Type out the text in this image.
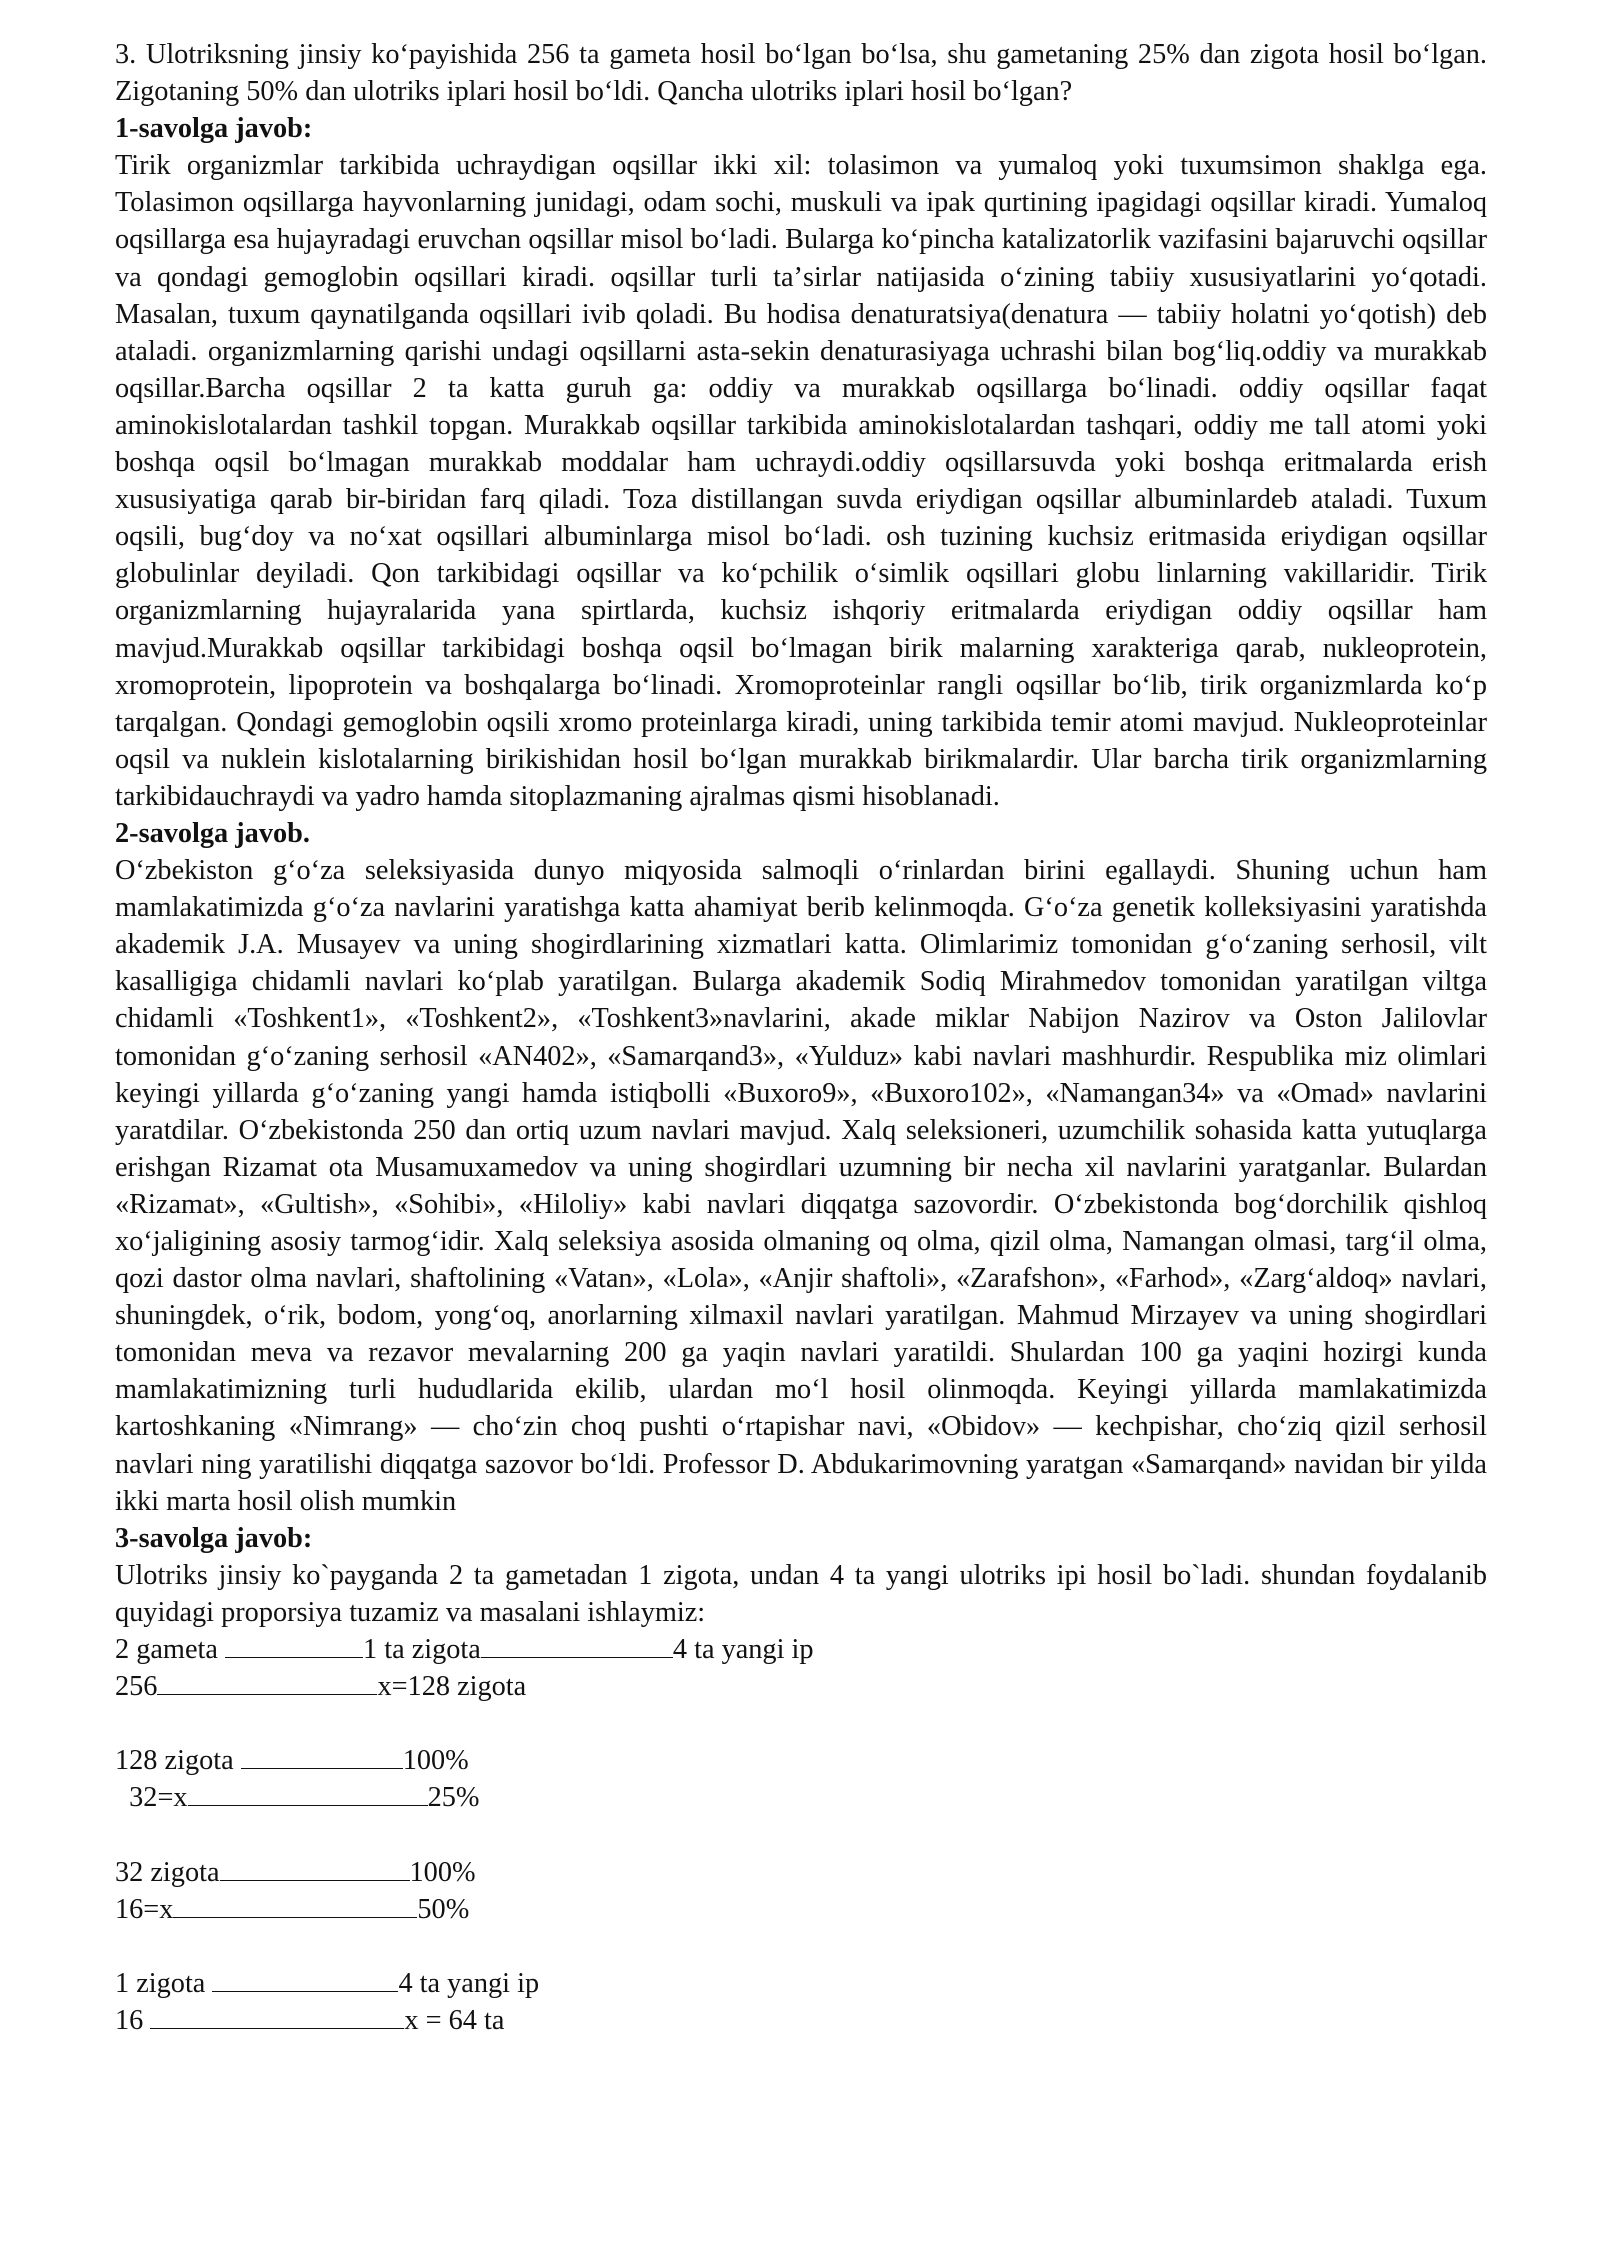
3. Ulotriksning jinsiy koʻpayishida 256 ta gameta hosil boʻlgan boʻlsa, shu gametaning 25% dan zigota hosil boʻlgan. Zigotaning 50% dan ulotriks iplari hosil boʻldi. Qancha ulotriks iplari hosil boʻlgan?

1-savolga javob:

Tirik organizmlar tarkibida uchraydigan oqsillar ikki xil: tolasimon va yumaloq yoki tuxumsimon shaklga ega. Tolasimon oqsillarga hayvonlarning junidagi, odam sochi, muskuli va ipak qurtining ipagidagi oqsillar kiradi. Yumaloq oqsillarga esa hujayradagi eruvchan oqsillar misol boʻladi. Bularga koʻpincha katalizatorlik vazifasini bajaruvchi oqsillar va qondagi gemoglobin oqsillari kiradi. oqsillar turli taʼsirlar natijasida oʻzining tabiiy xususiyatlarini yoʻqotadi. Masalan, tuxum qaynatilganda oqsillari ivib qoladi. Bu hodisa denaturatsiya(denatura — tabiiy holatni yoʻqotish) deb ataladi. organizmlarning qarishi undagi oqsillarni asta-sekin denaturasiyaga uchrashi bilan bogʻliq.oddiy va murakkab oqsillar.Barcha oqsillar 2 ta katta guruh ga: oddiy va murakkab oqsillarga boʻlinadi. oddiy oqsillar faqat aminokislotalardan tashkil topgan. Murakkab oqsillar tarkibida aminokislotalardan tashqari, oddiy me tall atomi yoki boshqa oqsil boʻlmagan murakkab moddalar ham uchraydi.oddiy oqsillarsuvda yoki boshqa eritmalarda erish xususiyatiga qarab bir-biridan farq qiladi. Toza distillangan suvda eriydigan oqsillar albuminlardeb ataladi. Tuxum oqsili, bugʻdoy va noʻxat oqsillari albuminlarga misol boʻladi. osh tuzining kuchsiz eritmasida eriydigan oqsillar globulinlar deyiladi. Qon tarkibidagi oqsillar va koʻpchilik oʻsimlik oqsillari globu linlarning vakillaridir. Tirik organizmlarning hujayralarida yana spirtlarda, kuchsiz ishqoriy eritmalarda eriydigan oddiy oqsillar ham mavjud.Murakkab oqsillar tarkibidagi boshqa oqsil boʻlmagan birik malarning xarakteriga qarab, nukleoprotein, xromoprotein, lipoprotein va boshqalarga boʻlinadi. Xromoproteinlar rangli oqsillar boʻlib, tirik organizmlarda koʻp tarqalgan. Qondagi gemoglobin oqsili xromo proteinlarga kiradi, uning tarkibida temir atomi mavjud. Nukleoproteinlar oqsil va nuklein kislotalarning birikishidan hosil boʻlgan murakkab birikmalardir. Ular barcha tirik organizmlarning tarkibidauchraydi va yadro hamda sitoplazmaning ajralmas qismi hisoblanadi.

2-savolga javob.

Oʻzbekiston gʻoʻza seleksiyasida dunyo miqyosida salmoqli oʻrinlardan birini egallaydi. Shuning uchun ham mamlakatimizda gʻoʻza navlarini yaratishga katta ahamiyat berib kelinmoqda. Gʻoʻza genetik kolleksiyasini yaratishda akademik J.A. Musayev va uning shogirdlarining xizmatlari katta. Olimlarimiz tomonidan gʻoʻzaning serhosil, vilt kasalligiga chidamli navlari koʻplab yaratilgan. Bularga akademik Sodiq Mirahmedov tomonidan yaratilgan viltga chidamli «Toshkent1», «Toshkent2», «Toshkent3»navlarini, akade miklar Nabijon Nazirov va Oston Jalilovlar tomonidan gʻoʻzaning serhosil «AN402», «Samarqand3», «Yulduz» kabi navlari mashhurdir. Respublika miz olimlari keyingi yillarda gʻoʻzaning yangi hamda istiqbolli «Buxoro9», «Buxoro102», «Namangan34» va «Omad» navlarini yaratdilar. Oʻzbekistonda 250 dan ortiq uzum navlari mavjud. Xalq seleksioneri, uzumchilik sohasida katta yutuqlarga erishgan Rizamat ota Musamuxamedov va uning shogirdlari uzumning bir necha xil navlarini yaratganlar. Bulardan «Rizamat», «Gultish», «Sohibi», «Hiloliy» kabi navlari diqqatga sazovordir. Oʻzbekistonda bogʻdorchilik qishloq xoʻjaligining asosiy tarmogʻidir. Xalq seleksiya asosida olmaning oq olma, qizil olma, Namangan olmasi, targʻil olma, qozi dastor olma navlari, shaftolining «Vatan», «Lola», «Anjir shaftoli», «Zarafshon», «Farhod», «Zargʻaldoq» navlari, shuningdek, oʻrik, bodom, yongʻoq, anorlarning xilmaxil navlari yaratilgan. Mahmud Mirzayev va uning shogirdlari tomonidan meva va rezavor mevalarning 200 ga yaqin navlari yaratildi. Shulardan 100 ga yaqini hozirgi kunda mamlakatimizning turli hududlarida ekilib, ulardan moʻl hosil olinmoqda. Keyingi yillarda mamlakatimizda kartoshkaning «Nimrang» — choʻzin choq pushti oʻrtapishar navi, «Obidov» — kechpishar, choʻziq qizil serhosil navlari ning yaratilishi diqqatga sazovor boʻldi. Professor D. Abdukarimovning yaratgan «Samarqand» navidan bir yilda ikki marta hosil olish mumkin

3-savolga javob:

Ulotriks jinsiy ko`payganda 2 ta gametadan 1 zigota, undan 4 ta yangi ulotriks ipi hosil bo`ladi. shundan foydalanib quyidagi proporsiya tuzamiz va masalani ishlaymiz:

2 gameta	1 ta zigota	4 ta yangi ip
256	x=128 zigota
128 zigota	100%
32=x	25%
32 zigota	100%
16=x	50%
1 zigota	4 ta yangi ip
16	x = 64 ta
